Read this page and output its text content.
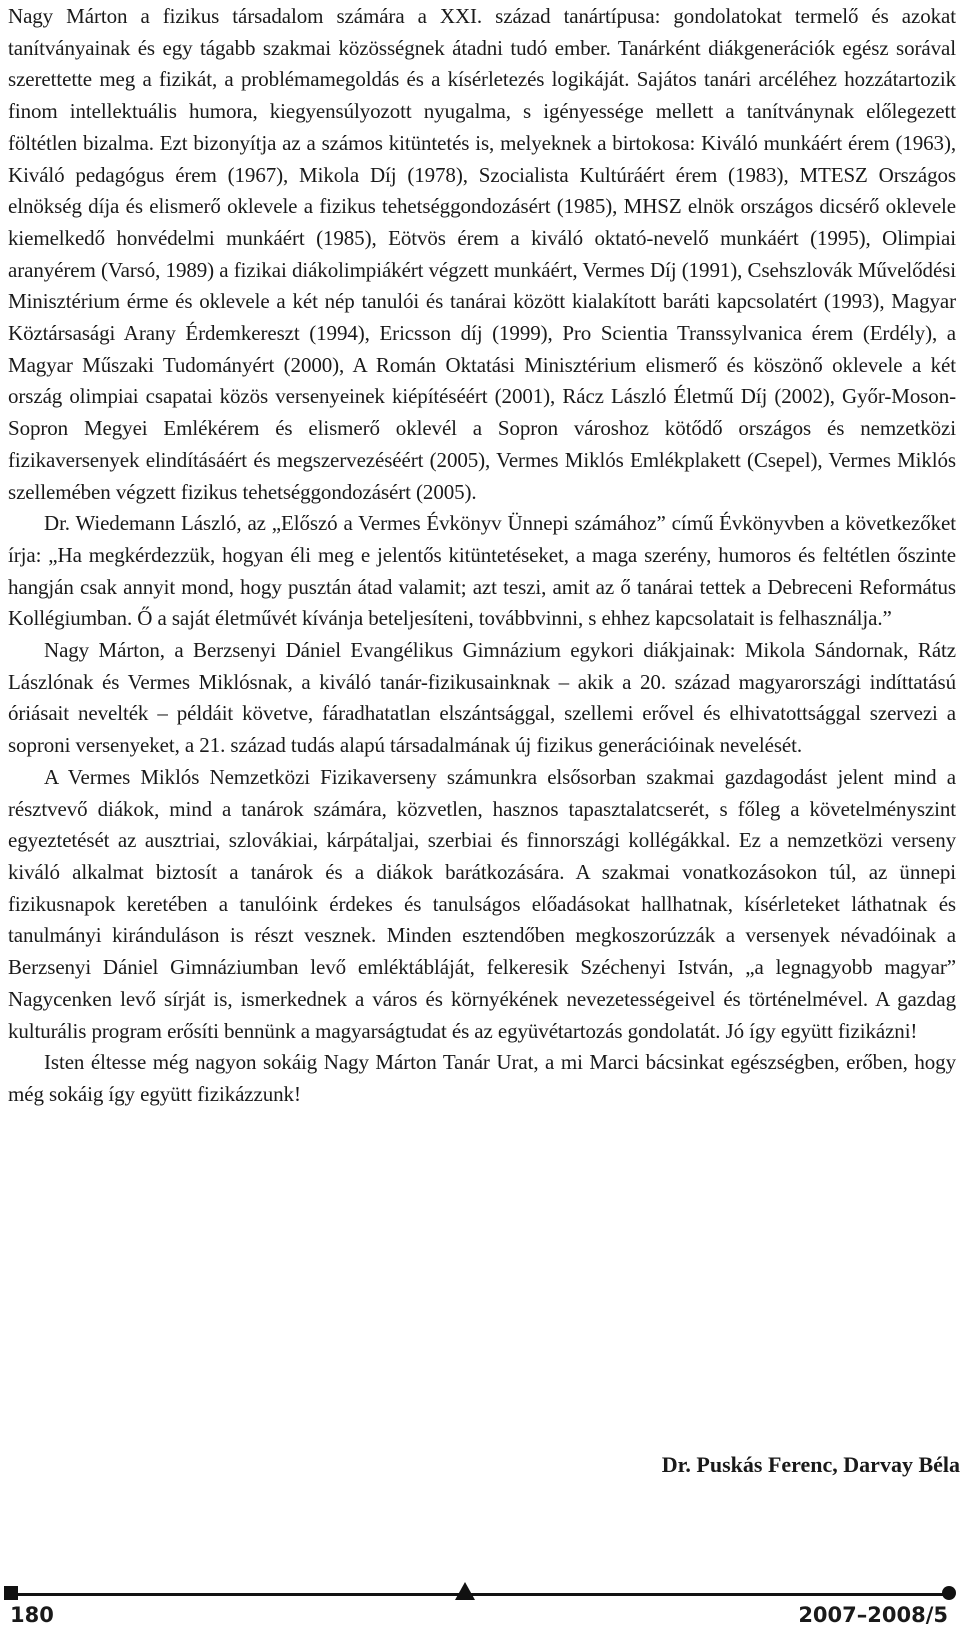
Nagy Márton a fizikus társadalom számára a XXI. század tanártípusa: gondolatokat termelő és azokat tanítványainak és egy tágabb szakmai közösségnek átadni tudó ember. Tanárként diákgenerációk egész sorával szerettette meg a fizikát, a problémamegoldás és a kísérletezés logikáját. Sajátos tanári arcéléhez hozzátartozik finom intellektuális humora, kiegyensúlyozott nyugalma, s igényessége mellett a tanítványnak előlegezett föltétlen bizalma. Ezt bizonyítja az a számos kitüntetés is, melyeknek a birtokosa: Kiváló munkáért érem (1963), Kiváló pedagógus érem (1967), Mikola Díj (1978), Szocialista Kultúráért érem (1983), MTESZ Országos elnökség díja és elismerő oklevele a fizikus tehetséggondozásért (1985), MHSZ elnök országos dicsérő oklevele kiemelkedő honvédelmi munkáért (1985), Eötvös érem a kiváló oktató-nevelő munkáért (1995), Olimpiai aranyérem (Varsó, 1989) a fizikai diákolimpiákért végzett munkáért, Vermes Díj (1991), Csehszlovák Művelődési Minisztérium érme és oklevele a két nép tanulói és tanárai között kialakított baráti kapcsolatért (1993), Magyar Köztársasági Arany Érdemkereszt (1994), Ericsson díj (1999), Pro Scientia Transsylvanica érem (Erdély), a Magyar Műszaki Tudományért (2000), A Román Oktatási Minisztérium elismerő és köszönő oklevele a két ország olimpiai csapatai közös versenyeinek kiépítéséért (2001), Rácz László Életmű Díj (2002), Győr-Moson-Sopron Megyei Emlékérem és elismerő oklevél a Sopron városhoz kötődő országos és nemzetközi fizikaversenyek elindításáért és megszervezéséért (2005), Vermes Miklós Emlékplakett (Csepel), Vermes Miklós szellemében végzett fizikus tehetséggondozásért (2005).

Dr. Wiedemann László, az „Előszó a Vermes Évkönyv Ünnepi számához” című Évkönyvben a következőket írja: „Ha megkérdezzük, hogyan éli meg e jelentős kitüntetéseket, a maga szerény, humoros és feltétlen őszinte hangján csak annyit mond, hogy pusztán átad valamit; azt teszi, amit az ő tanárai tettek a Debreceni Református Kollégiumban. Ő a saját életművét kívánja beteljesíteni, továbbvinni, s ehhez kapcsolatait is felhasználja.”

Nagy Márton, a Berzsenyi Dániel Evangélikus Gimnázium egykori diákjainak: Mikola Sándornak, Rátz Lászlónak és Vermes Miklósnak, a kiváló tanár-fizikusainknak – akik a 20. század magyarországi indíttatású óriásait nevelték – példáit követve, fáradhatatlan elszántsággal, szellemi erővel és elhivatottsággal szervezi a soproni versenyeket, a 21. század tudás alapú társadalmának új fizikus generációinak nevelését.

A Vermes Miklós Nemzetközi Fizikaverseny számunkra elsősorban szakmai gazdagodást jelent mind a résztvevő diákok, mind a tanárok számára, közvetlen, hasznos tapasztalatcserét, s főleg a követelményszint egyeztetését az ausztriai, szlovákiai, kárpátaljai, szerbiai és finnországi kollégákkal. Ez a nemzetközi verseny kiváló alkalmat biztosít a tanárok és a diákok barátkozására. A szakmai vonatkozásokon túl, az ünnepi fizikusnapok keretében a tanulóink érdekes és tanulságos előadásokat hallhatnak, kísérleteket láthatnak és tanulmányi kiránduláson is részt vesznek. Minden esztendőben megkoszorúzzák a versenyek névadóinak a Berzsenyi Dániel Gimnáziumban levő emléktábláját, felkeresik Széchenyi István, „a legnagyobb magyar” Nagycenken levő sírját is, ismerkednek a város és környékének nevezetességeivel és történelmével. A gazdag kulturális program erősíti bennünk a magyarságtudat és az együvétartozás gondolatát. Jó így együtt fizikázni!

Isten éltesse még nagyon sokáig Nagy Márton Tanár Urat, a mi Marci bácsinkat egészségben, erőben, hogy még sokáig így együtt fizikázzunk!

Dr. Puskás Ferenc, Darvay Béla
180	2007–2008/5
